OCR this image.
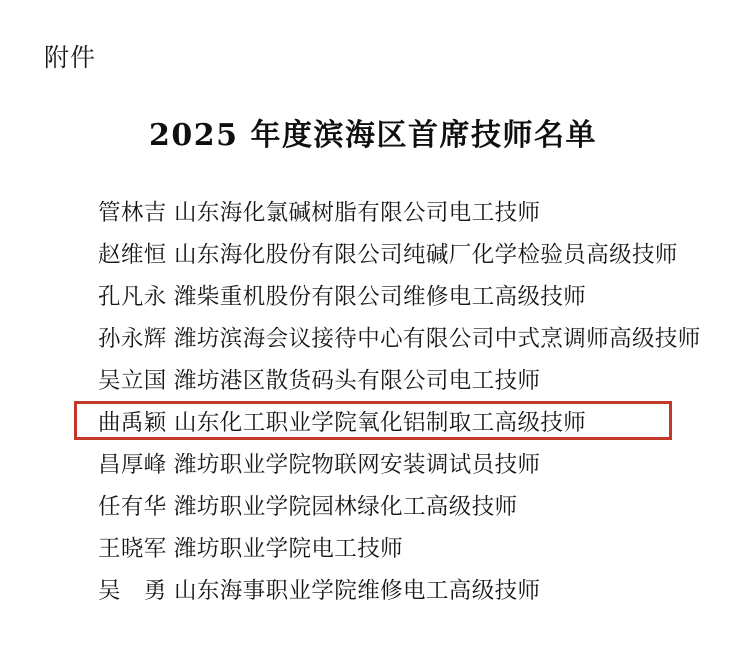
附件
2025 年度滨海区首席技师名单
管林吉 山东海化氯碱树脂有限公司电工技师
赵维恒 山东海化股份有限公司纯碱厂化学检验员高级技师
孔凡永 潍柴重机股份有限公司维修电工高级技师
孙永辉 潍坊滨海会议接待中心有限公司中式烹调师高级技师
吴立国 潍坊港区散货码头有限公司电工技师
曲禹颖 山东化工职业学院氧化铝制取工高级技师
昌厚峰 潍坊职业学院物联网安装调试员技师
任有华 潍坊职业学院园林绿化工高级技师
王晓军 潍坊职业学院电工技师
吴　勇 山东海事职业学院维修电工高级技师
